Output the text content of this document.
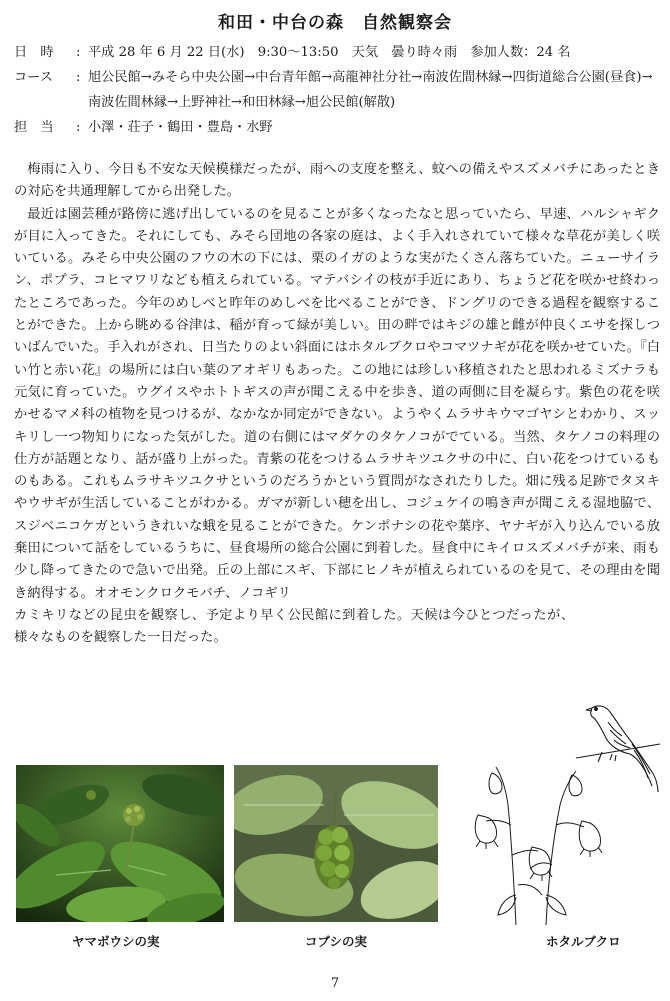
和田・中台の森　自然観察会
日　時	: 平成 28 年 6 月 22 日(水)　9:30〜13:50　天気　曇り時々雨　参加人数：24 名
コース	: 旭公民館→みそら中央公園→中台青年館→高龍神社分社→南波佐間林縁→四街道総合公園(昼食)→南波佐間林縁→上野神社→和田林縁→旭公民館(解散)
担　当	: 小澤・荘子・鶴田・豊島・水野

梅雨に入り、今日も不安な天候模様だったが、雨への支度を整え、蚊への備えやスズメバチにあったときの対応を共通理解してから出発した。

最近は園芸種が路傍に逃げ出しているのを見ることが多くなったなと思っていたら、早速、ハルシャギクが目に入ってきた。それにしても、みそら団地の各家の庭は、よく手入れされていて様々な草花が美しく咲いている。みそら中央公園のフウの木の下には、栗のイガのような実がたくさん落ちていた。ニューサイラン、ポプラ、コヒマワリなども植えられている。マテバシイの枝が手近にあり、ちょうど花を咲かせ終わったところであった。今年のめしべと昨年のめしべを比べることができ、ドングリのできる過程を観察することができた。上から眺める谷津は、稲が育って緑が美しい。田の畔ではキジの雄と雌が仲良くエサを探しついばんでいた。手入れがされ、日当たりのよい斜面にはホタルブクロやコマツナギが花を咲かせていた。『白い竹と赤い花』の場所には白い葉のアオギリもあった。この地には珍しい移植されたと思われるミズナラも元気に育っていた。ウグイスやホトトギスの声が聞こえる中を歩き、道の両側に目を凝らす。紫色の花を咲かせるマメ科の植物を見つけるが、なかなか同定ができない。ようやくムラサキウマゴヤシとわかり、スッキリし一つ物知りになった気がした。道の右側にはマダケのタケノコがでている。当然、タケノコの料理の仕方が話題となり、話が盛り上がった。青紫の花をつけるムラサキツユクサの中に、白い花をつけているものもある。これもムラサキツユクサというのだろうかという質問がなされたりした。畑に残る足跡でタヌキやウサギが生活していることがわかる。ガマが新しい穂を出し、コジュケイの鳴き声が聞こえる湿地脇で、スジベニコケガというきれいな蛾を見ることができた。ケンポナシの花や葉序、ヤナギが入り込んでいる放棄田について話をしているうちに、昼食場所の総合公園に到着した。昼食中にキイロスズメバチが来、雨も少し降ってきたので急いで出発。丘の上部にスギ、下部にヒノキが植えられているのを見て、その理由を聞き納得する。オオモンクロクモバチ、ノコギリ

カミキリなどの昆虫を観察し、予定より早く公民館に到着した。天候は今ひとつだったが、様々なものを観察した一日だった。

ヤマボウシの実	コブシの実	ホタルブクロ
7
